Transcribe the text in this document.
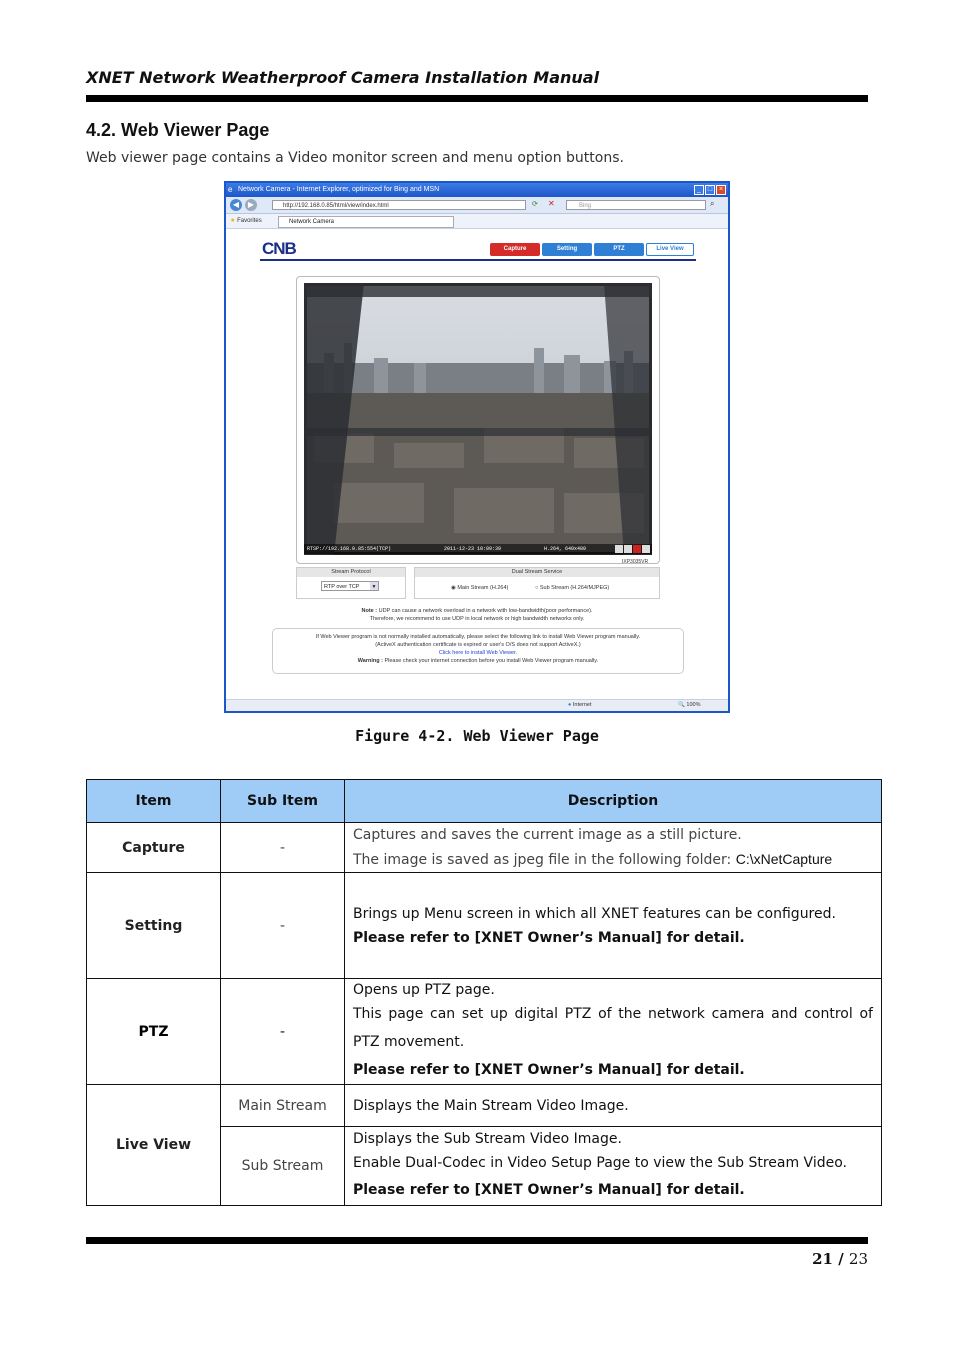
XNET Network Weatherproof Camera Installation Manual
4.2. Web Viewer Page
Web viewer page contains a Video monitor screen and menu option buttons.
e Network Camera - Internet Explorer, optimized for Bing and MSN	_ □ ×
◀	▶	http://192.168.0.85/html/view/index.html	⟳ ✕	Bing	⌕
★ Favorites	Network Camera
CNB	Capture	Setting	PTZ	Live View
RTSP://192.168.0.85:554(TCP)	2011-12-23 10:09:39	H.264, 640x480
IXP3035VR
Stream Protocol
RTP over TCP	▼
Dual Stream Service
◉ Main Stream (H.264)	○ Sub Stream (H.264/MJPEG)
Note : UDP can cause a network overload in a network with low-bandwidth(poor performance).
Therefore, we recommend to use UDP in local network or high bandwidth networks only.
If Web Viewer program is not normally installed automatically, please select the following link to install Web Viewer program manually.
(ActiveX authentication certificate is expired or user's O/S does not support ActiveX.)
Click here to install Web Viewer.
Warning : Please check your internet connection before you install Web Viewer program manually.
● Internet	🔍 100%
Figure 4-2. Web Viewer Page
Item	Sub Item	Description
Capture	-	Captures and saves the current image as a still picture.
The image is saved as jpeg file in the following folder: C:\xNetCapture

Setting	-	Brings up Menu screen in which all XNET features can be configured.
Please refer to [XNET Owner’s Manual] for detail.

PTZ	-	Opens up PTZ page.
This page can set up digital PTZ of the network camera and control of PTZ movement.
Please refer to [XNET Owner’s Manual] for detail.

Live View	Main Stream	Displays the Main Stream Video Image.
	Sub Stream	Displays the Sub Stream Video Image.
Enable Dual-Codec in Video Setup Page to view the Sub Stream Video.
Please refer to [XNET Owner’s Manual] for detail.
21 / 23
